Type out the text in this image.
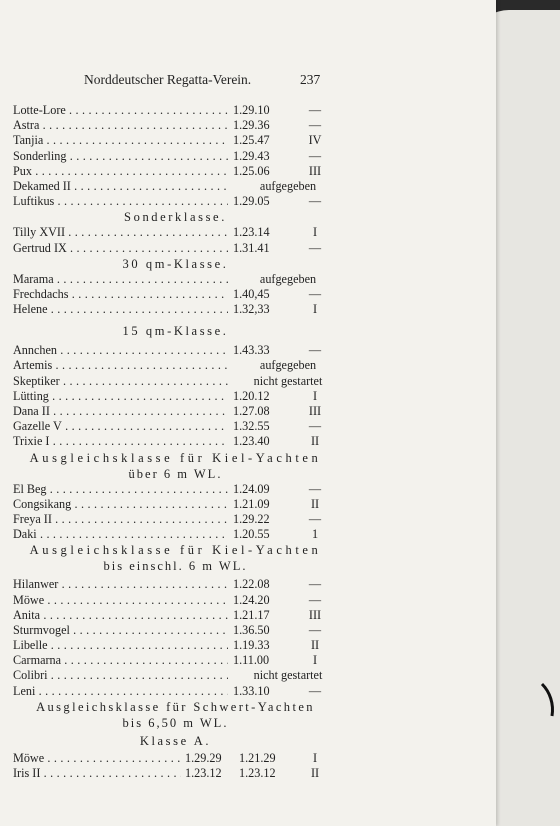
Norddeutscher Regatta-Verein.	237
Lotte-Lore . . .	1.29.10	—
Astra . . .	1.29.36	—
Tanjia . . .	1.25.47	IV
Sonderling . . .	1.29.43	—
Pux . . .	1.25.06	III
Dekamed II . . .	aufgegeben
Luftikus . . .	1.29.05	—
Sonderklasse.
Tilly XVII . . .	1.23.14	I
Gertrud IX . . .	1.31.41	—
30 qm-Klasse.
Marama . . .	aufgegeben
Frechdachs . . .	1.40,45	—
Helene . . .	1.32,33	I
15 qm-Klasse.
Annchen . . .	1.43.33	—
Artemis . . .	aufgegeben
Skeptiker . . .	nicht gestartet
Lütting . . .	1.20.12	I
Dana II . . .	1.27.08	III
Gazelle V . . .	1.32.55	—
Trixie I . . .	1.23.40	II
Ausgleichsklasse für Kiel-Yachten
über 6 m WL.
El Beg . . .	1.24.09	—
Congsikang . . .	1.21.09	II
Freya II . . .	1.29.22	—
Daki . . .	1.20.55	1
Ausgleichsklasse für Kiel-Yachten
bis einschl. 6 m WL.
Hilanwer . . .	1.22.08	—
Möwe . . .	1.24.20	—
Anita . . .	1.21.17	III
Sturmvogel . . .	1.36.50	—
Libelle . . .	1.19.33	II
Carmarna . . .	1.11.00	I
Colibri . . .	nicht gestartet
Leni . . .	1.33.10	—
Ausgleichsklasse für Schwert-Yachten
bis 6,50 m WL.
Klasse A.
Möwe . . .	1.29.29 1.21.29	I
Iris II . . .	1.23.12 1.23.12	II
